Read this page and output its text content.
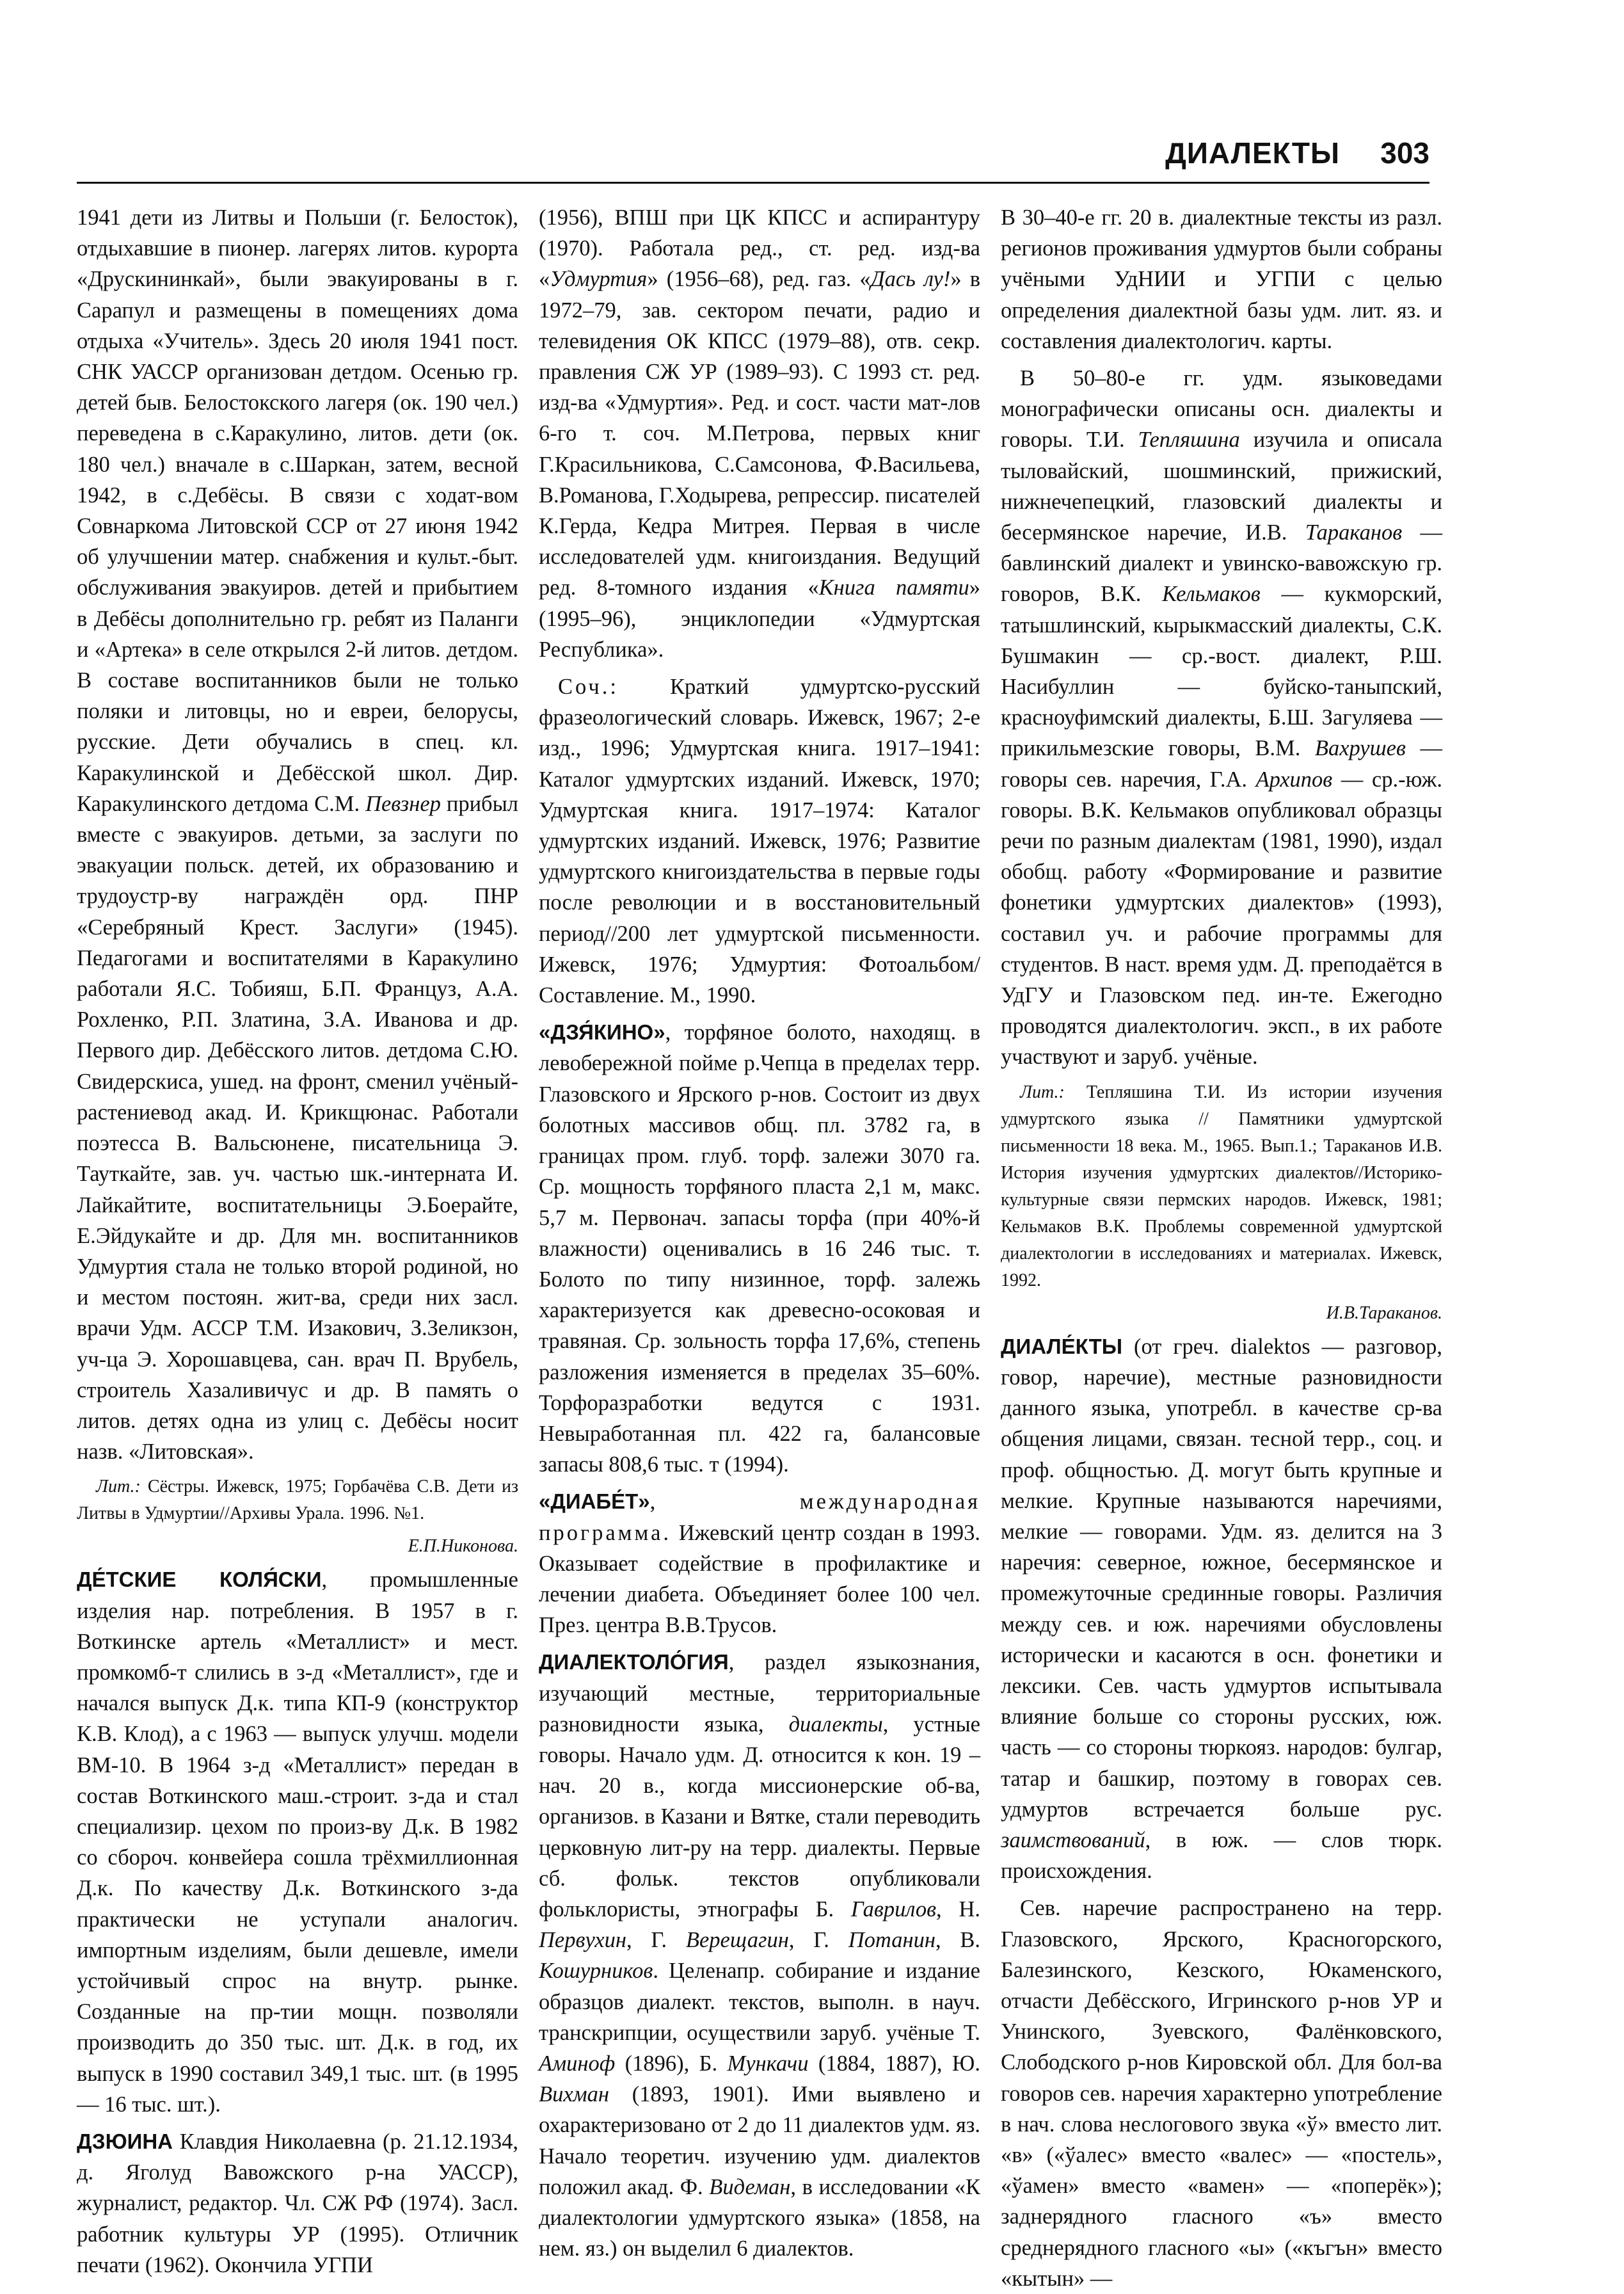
ДИАЛЕКТЫ 303

1941 дети из Литвы и Польши (г. Белосток), отдыхавшие в пионер. лагерях литов. курорта «Друскининкай», были эвакуированы в г. Сарапул и размещены в помещениях дома отдыха «Учитель». Здесь 20 июля 1941 пост. СНК УАССР организован детдом. Осенью гр. детей быв. Белостокского лагеря (ок. 190 чел.) переведена в с.Каракулино, литов. дети (ок. 180 чел.) вначале в с.Шаркан, затем, весной 1942, в с.Дебёсы. В связи с ходат-вом Совнаркома Литовской ССР от 27 июня 1942 об улучшении матер. снабжения и культ.-быт. обслуживания эвакуиров. детей и прибытием в Дебёсы дополнительно гр. ребят из Паланги и «Артека» в селе открылся 2-й литов. детдом. В составе воспитанников были не только поляки и литовцы, но и евреи, белорусы, русские. Дети обучались в спец. кл. Каракулинской и Дебёсской школ. Дир. Каракулинского детдома С.М. Певзнер прибыл вместе с эвакуиров. детьми, за заслуги по эвакуации польск. детей, их образованию и трудоустр-ву награждён орд. ПНР «Серебряный Крест. Заслуги» (1945). Педагогами и воспитателями в Каракулино работали Я.С. Тобияш, Б.П. Француз, А.А. Рохленко, Р.П. Златина, З.А. Иванова и др. Первого дир. Дебёсского литов. детдома С.Ю. Свидерскиса, ушед. на фронт, сменил учёный-растениевод акад. И. Крикщюнас. Работали поэтесса В. Вальсюнене, писательница Э. Тауткайте, зав. уч. частью шк.-интерната И. Лайкайтите, воспитательницы Э.Боерайте, Е.Эйдукайте и др. Для мн. воспитанников Удмуртия стала не только второй родиной, но и местом постоян. жит-ва, среди них засл. врачи Удм. АССР Т.М. Изакович, З.Зеликзон, уч-ца Э. Хорошавцева, сан. врач П. Врубель, строитель Хазаливичус и др. В память о литов. детях одна из улиц с. Дебёсы носит назв. «Литовская».

Лит.: Сёстры. Ижевск, 1975; Горбачёва С.В. Дети из Литвы в Удмуртии//Архивы Урала. 1996. №1.

Е.П.Никонова.

ДЕ́ТСКИЕ КОЛЯ́СКИ, промышленные изделия нар. потребления. В 1957 в г. Воткинске артель «Металлист» и мест. промкомб-т слились в з-д «Металлист», где и начался выпуск Д.к. типа КП-9 (конструктор К.В. Клод), а с 1963 — выпуск улучш. модели ВМ-10. В 1964 з-д «Металлист» передан в состав Воткинского маш.-строит. з-да и стал специализир. цехом по произ-ву Д.к. В 1982 со сбороч. конвейера сошла трёхмиллионная Д.к. По качеству Д.к. Воткинского з-да практически не уступали аналогич. импортным изделиям, были дешевле, имели устойчивый спрос на внутр. рынке. Созданные на пр-тии мощн. позволяли производить до 350 тыс. шт. Д.к. в год, их выпуск в 1990 составил 349,1 тыс. шт. (в 1995 — 16 тыс. шт.).

ДЗЮИНА Клавдия Николаевна (р. 21.12.1934, д. Яголуд Вавожского р-на УАССР), журналист, редактор. Чл. СЖ РФ (1974). Засл. работник культуры УР (1995). Отличник печати (1962). Окончила УГПИ

(1956), ВПШ при ЦК КПСС и аспирантуру (1970). Работала ред., ст. ред. изд-ва «Удмуртия» (1956–68), ред. газ. «Дась лу!» в 1972–79, зав. сектором печати, радио и телевидения ОК КПСС (1979–88), отв. секр. правления СЖ УР (1989–93). С 1993 ст. ред. изд-ва «Удмуртия». Ред. и сост. части мат-лов 6-го т. соч. М.Петрова, первых книг Г.Красильникова, С.Самсонова, Ф.Васильева, В.Романова, Г.Ходырева, репрессир. писателей К.Герда, Кедра Митрея. Первая в числе исследователей удм. книгоиздания. Ведущий ред. 8-томного издания «Книга памяти» (1995–96), энциклопедии «Удмуртская Республика».

Соч.: Краткий удмуртско-русский фразеологический словарь. Ижевск, 1967; 2-е изд., 1996; Удмуртская книга. 1917–1941: Каталог удмуртских изданий. Ижевск, 1970; Удмуртская книга. 1917–1974: Каталог удмуртских изданий. Ижевск, 1976; Развитие удмуртского книгоиздательства в первые годы после революции и в восстановительный период//200 лет удмуртской письменности. Ижевск, 1976; Удмуртия: Фотоальбом/Составление. М., 1990.

«ДЗЯ́КИНО», торфяное болото, находящ. в левобережной пойме р.Чепца в пределах терр. Глазовского и Ярского р-нов. Состоит из двух болотных массивов общ. пл. 3782 га, в границах пром. глуб. торф. залежи 3070 га. Ср. мощность торфяного пласта 2,1 м, макс. 5,7 м. Первонач. запасы торфа (при 40%-й влажности) оценивались в 16 246 тыс. т. Болото по типу низинное, торф. залежь характеризуется как древесно-осоковая и травяная. Ср. зольность торфа 17,6%, степень разложения изменяется в пределах 35–60%. Торфоразработки ведутся с 1931. Невыработанная пл. 422 га, балансовые запасы 808,6 тыс. т (1994).

«ДИАБЕ́Т», международная программа. Ижевский центр создан в 1993. Оказывает содействие в профилактике и лечении диабета. Объединяет более 100 чел. През. центра В.В.Трусов.

ДИАЛЕКТОЛО́ГИЯ, раздел языкознания, изучающий местные, территориальные разновидности языка, диалекты, устные говоры. Начало удм. Д. относится к кон. 19 – нач. 20 в., когда миссионерские об-ва, организов. в Казани и Вятке, стали переводить церковную лит-ру на терр. диалекты. Первые сб. фольк. текстов опубликовали фольклористы, этнографы Б. Гаврилов, Н. Первухин, Г. Верещагин, Г. Потанин, В. Кошурников. Целенапр. собирание и издание образцов диалект. текстов, выполн. в науч. транскрипции, осуществили заруб. учёные Т. Аминоф (1896), Б. Мункачи (1884, 1887), Ю. Вихман (1893, 1901). Ими выявлено и охарактеризовано от 2 до 11 диалектов удм. яз. Начало теоретич. изучению удм. диалектов положил акад. Ф. Видеман, в исследовании «К диалектологии удмуртского языка» (1858, на нем. яз.) он выделил 6 диалектов.

В 30–40-е гг. 20 в. диалектные тексты из разл. регионов проживания удмуртов были собраны учёными УдНИИ и УГПИ с целью определения диалектной базы удм. лит. яз. и составления диалектологич. карты.

В 50–80-е гг. удм. языковедами монографически описаны осн. диалекты и говоры. Т.И. Тепляшина изучила и описала тыловайский, шошминский, прижиский, нижнечепецкий, глазовский диалекты и бесермянское наречие, И.В. Тараканов — бавлинский диалект и увинско-вавожскую гр. говоров, В.К. Кельмаков — кукморский, татышлинский, кырыкмасский диалекты, С.К. Бушмакин — ср.-вост. диалект, Р.Ш. Насибуллин — буйско-таныпский, красноуфимский диалекты, Б.Ш. Загуляева — прикильмезские говоры, В.М. Вахрушев — говоры сев. наречия, Г.А. Архипов — ср.-юж. говоры. В.К. Кельмаков опубликовал образцы речи по разным диалектам (1981, 1990), издал обобщ. работу «Формирование и развитие фонетики удмуртских диалектов» (1993), составил уч. и рабочие программы для студентов. В наст. время удм. Д. преподаётся в УдГУ и Глазовском пед. ин-те. Ежегодно проводятся диалектологич. эксп., в их работе участвуют и заруб. учёные.

Лит.: Тепляшина Т.И. Из истории изучения удмуртского языка // Памятники удмуртской письменности 18 века. М., 1965. Вып.1.; Тараканов И.В. История изучения удмуртских диалектов//Историко-культурные связи пермских народов. Ижевск, 1981; Кельмаков В.К. Проблемы современной удмуртской диалектологии в исследованиях и материалах. Ижевск, 1992.

И.В.Тараканов.

ДИАЛЕ́КТЫ (от греч. dialektos — разговор, говор, наречие), местные разновидности данного языка, употребл. в качестве ср-ва общения лицами, связан. тесной терр., соц. и проф. общностью. Д. могут быть крупные и мелкие. Крупные называются наречиями, мелкие — говорами. Удм. яз. делится на 3 наречия: северное, южное, бесермянское и промежуточные срединные говоры. Различия между сев. и юж. наречиями обусловлены исторически и касаются в осн. фонетики и лексики. Сев. часть удмуртов испытывала влияние больше со стороны русских, юж. часть — со стороны тюркояз. народов: булгар, татар и башкир, поэтому в говорах сев. удмуртов встречается больше рус. заимствований, в юж. — слов тюрк. происхождения.

Сев. наречие распространено на терр. Глазовского, Ярского, Красногорского, Балезинского, Кезского, Юкаменского, отчасти Дебёсского, Игринского р-нов УР и Унинского, Зуевского, Фалёнковского, Слободского р-нов Кировской обл. Для бол-ва говоров сев. наречия характерно употребление в нач. слова неслогового звука «ў» вместо лит. «в» («ўалес» вместо «валес» — «постель», «ўамен» вместо «вамен» — «поперёк»); заднерядного гласного «ъ» вместо среднерядного гласного «ы» («къгън» вместо «кытын» —
